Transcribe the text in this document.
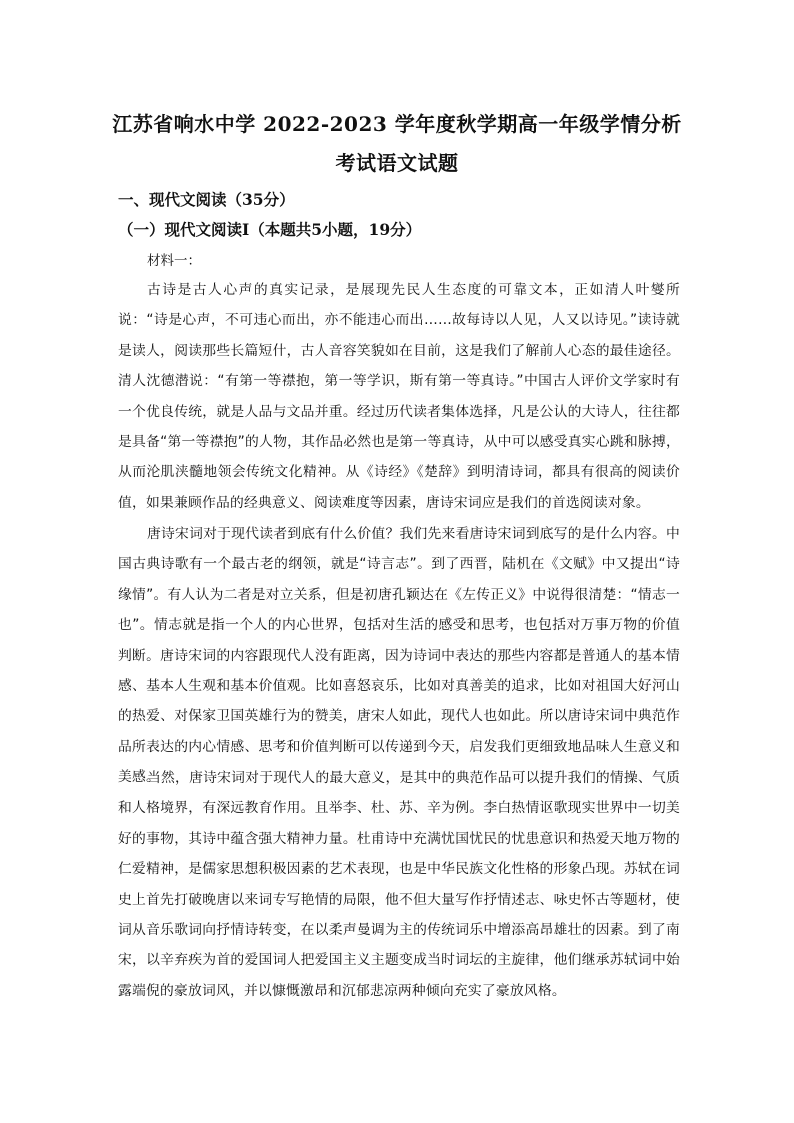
江苏省响水中学 2022-2023 学年度秋学期高一年级学情分析
考试语文试题
一、现代文阅读（35分）
（一）现代文阅读Ⅰ（本题共5小题，19分）
材料一：

古诗是古人心声的真实记录，是展现先民人生态度的可靠文本，正如清人叶燮所说：“诗是心声，不可违心而出，亦不能违心而出……故每诗以人见，人又以诗见。”读诗就是读人，阅读那些长篇短什，古人音容笑貌如在目前，这是我们了解前人心态的最佳途径。清人沈德潜说：“有第一等襟抱，第一等学识，斯有第一等真诗。”中国古人评价文学家时有一个优良传统，就是人品与文品并重。经过历代读者集体选择，凡是公认的大诗人，往往都是具备“第一等襟抱”的人物，其作品必然也是第一等真诗，从中可以感受真实心跳和脉搏，从而沦肌浃髓地领会传统文化精神。从《诗经》《楚辞》到明清诗词，都具有很高的阅读价值，如果兼顾作品的经典意义、阅读难度等因素，唐诗宋词应是我们的首选阅读对象。

唐诗宋词对于现代读者到底有什么价值？我们先来看唐诗宋词到底写的是什么内容。中国古典诗歌有一个最古老的纲领，就是“诗言志”。到了西晋，陆机在《文赋》中又提出“诗缘情”。有人认为二者是对立关系，但是初唐孔颖达在《左传正义》中说得很清楚：“情志一也”。情志就是指一个人的内心世界，包括对生活的感受和思考，也包括对万事万物的价值判断。唐诗宋词的内容跟现代人没有距离，因为诗词中表达的那些内容都是普通人的基本情感、基本人生观和基本价值观。比如喜怒哀乐，比如对真善美的追求，比如对祖国大好河山的热爱、对保家卫国英雄行为的赞美，唐宋人如此，现代人也如此。所以唐诗宋词中典范作品所表达的内心情感、思考和价值判断可以传递到今天，启发我们更细致地品味人生意义和美感。

当然，唐诗宋词对于现代人的最大意义，是其中的典范作品可以提升我们的情操、气质和人格境界，有深远教育作用。且举李、杜、苏、辛为例。李白热情讴歌现实世界中一切美好的事物，其诗中蕴含强大精神力量。杜甫诗中充满忧国忧民的忧患意识和热爱天地万物的仁爱精神，是儒家思想积极因素的艺术表现，也是中华民族文化性格的形象凸现。苏轼在词史上首先打破晚唐以来词专写艳情的局限，他不但大量写作抒情述志、咏史怀古等题材，使词从音乐歌词向抒情诗转变，在以柔声曼调为主的传统词乐中增添高昂雄壮的因素。到了南宋，以辛弃疾为首的爱国词人把爱国主义主题变成当时词坛的主旋律，他们继承苏轼词中始露端倪的豪放词风，并以慷慨激昂和沉郁悲凉两种倾向充实了豪放风格。
